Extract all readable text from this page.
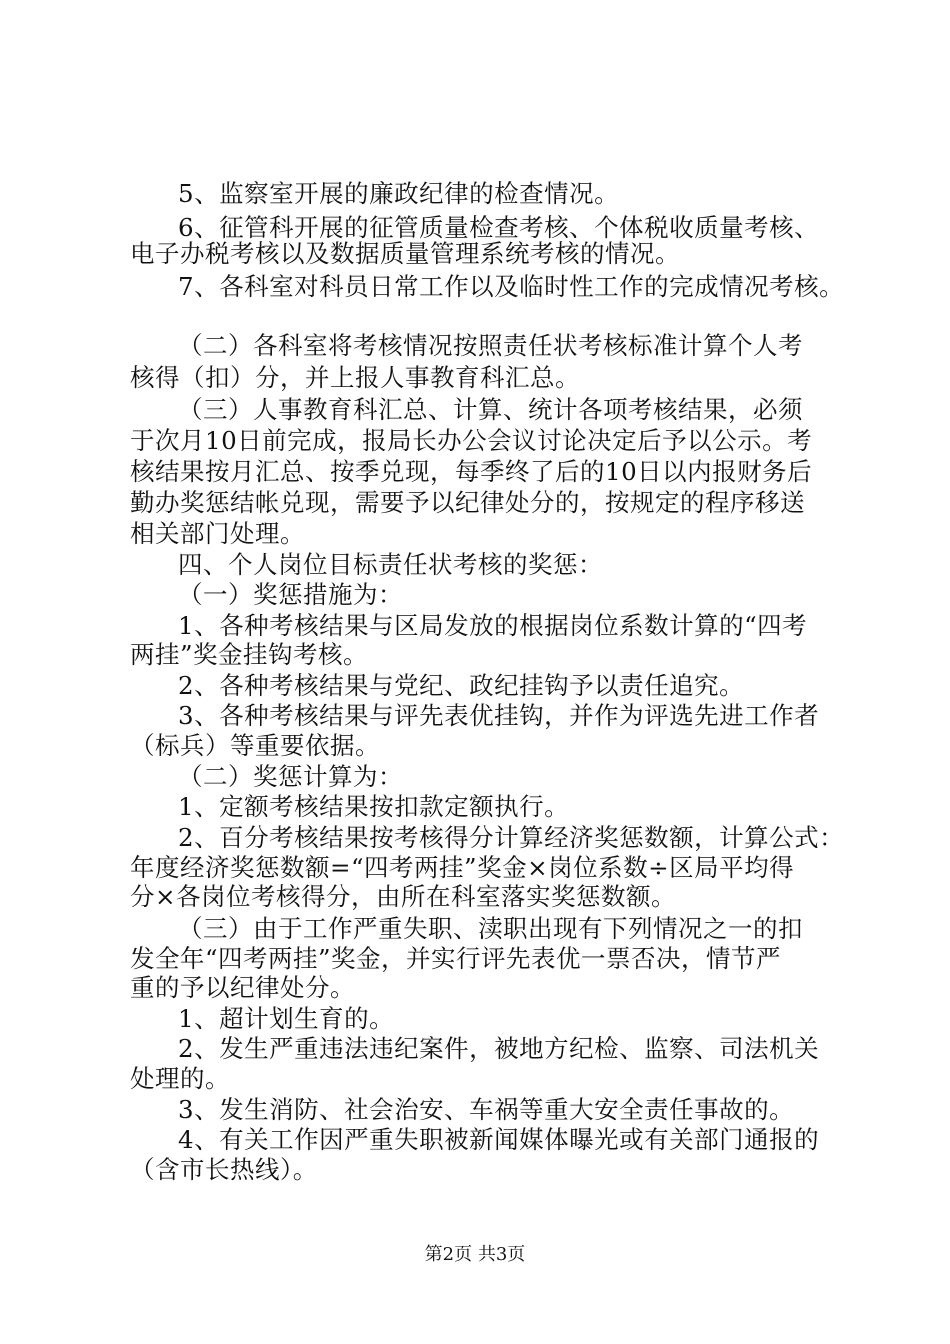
5、监察室开展的廉政纪律的检查情况。
6、征管科开展的征管质量检查考核、个体税收质量考核、
电子办税考核以及数据质量管理系统考核的情况。
7、各科室对科员日常工作以及临时性工作的完成情况考核。
（二）各科室将考核情况按照责任状考核标准计算个人考
核得（扣）分，并上报人事教育科汇总。
（三）人事教育科汇总、计算、统计各项考核结果，必须
于次月10日前完成，报局长办公会议讨论决定后予以公示。考
核结果按月汇总、按季兑现，每季终了后的10日以内报财务后
勤办奖惩结帐兑现，需要予以纪律处分的，按规定的程序移送
相关部门处理。
四、个人岗位目标责任状考核的奖惩：
（一）奖惩措施为：
1、各种考核结果与区局发放的根据岗位系数计算的“四考
两挂”奖金挂钩考核。
2、各种考核结果与党纪、政纪挂钩予以责任追究。
3、各种考核结果与评先表优挂钩，并作为评选先进工作者
（标兵）等重要依据。
（二）奖惩计算为：
1、定额考核结果按扣款定额执行。
2、百分考核结果按考核得分计算经济奖惩数额，计算公式：
年度经济奖惩数额=“四考两挂”奖金×岗位系数÷区局平均得
分×各岗位考核得分，由所在科室落实奖惩数额。
（三）由于工作严重失职、渎职出现有下列情况之一的扣
发全年“四考两挂”奖金，并实行评先表优一票否决，情节严
重的予以纪律处分。
1、超计划生育的。
2、发生严重违法违纪案件，被地方纪检、监察、司法机关
处理的。
3、发生消防、社会治安、车祸等重大安全责任事故的。
4、有关工作因严重失职被新闻媒体曝光或有关部门通报的
（含市长热线）。
第2页 共3页
